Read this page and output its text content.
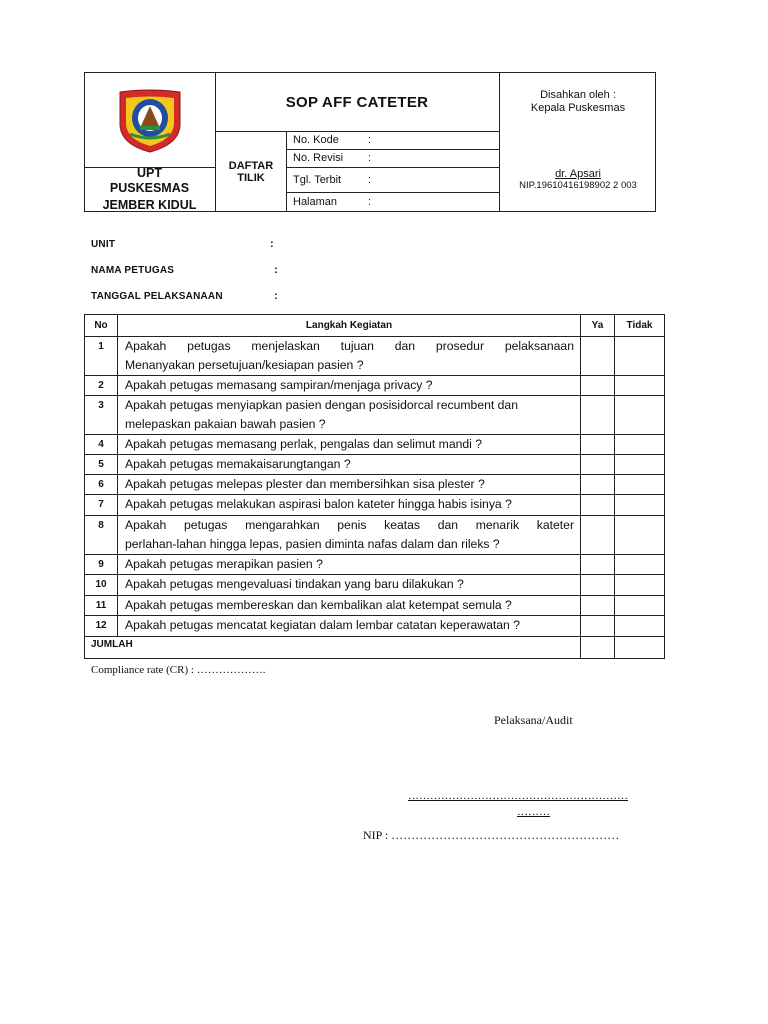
UPT
PUSKESMAS
JEMBER KIDUL
SOP AFF CATETER
DAFTAR
TILIK
No. Kode	:
No. Revisi :
Tgl. Terbit :
Halaman	:
Disahkan oleh :
Kepala Puskesmas
dr. Apsari
NIP.19610416198902 2 003
UNIT	:
NAMA PETUGAS	:
TANGGAL PELAKSANAAN	:
No	Langkah Kegiatan	Ya	Tidak
1	Apakah petugas menjelaskan tujuan dan prosedur pelaksanaan
Menanyakan persetujuan/kesiapan pasien ?		

2	Apakah petugas memasang sampiran/menjaga privacy ?		

3	Apakah petugas menyiapkan pasien dengan posisidorcal recumbent dan
melepaskan pakaian bawah pasien ?		

4	Apakah petugas memasang perlak, pengalas dan selimut mandi ?		

5	Apakah petugas memakaisarungtangan ?		

6	Apakah petugas melepas plester dan membersihkan sisa plester ?		

7	Apakah petugas melakukan aspirasi balon kateter hingga habis isinya ?		

8	Apakah petugas mengarahkan penis keatas dan menarik kateter
perlahan-lahan hingga lepas, pasien diminta nafas dalam dan rileks ?		

9	Apakah petugas merapikan pasien ?		

10	Apakah petugas mengevaluasi tindakan yang baru dilakukan ?		

11	Apakah petugas membereskan dan kembalikan alat ketempat semula ?		

12	Apakah petugas mencatat kegiatan dalam lembar catatan keperawatan ?		

JUMLAH			
Compliance rate (CR) : ……………….
Pelaksana/Audit
……………………………………………………
………
NIP : …………………………………………………
